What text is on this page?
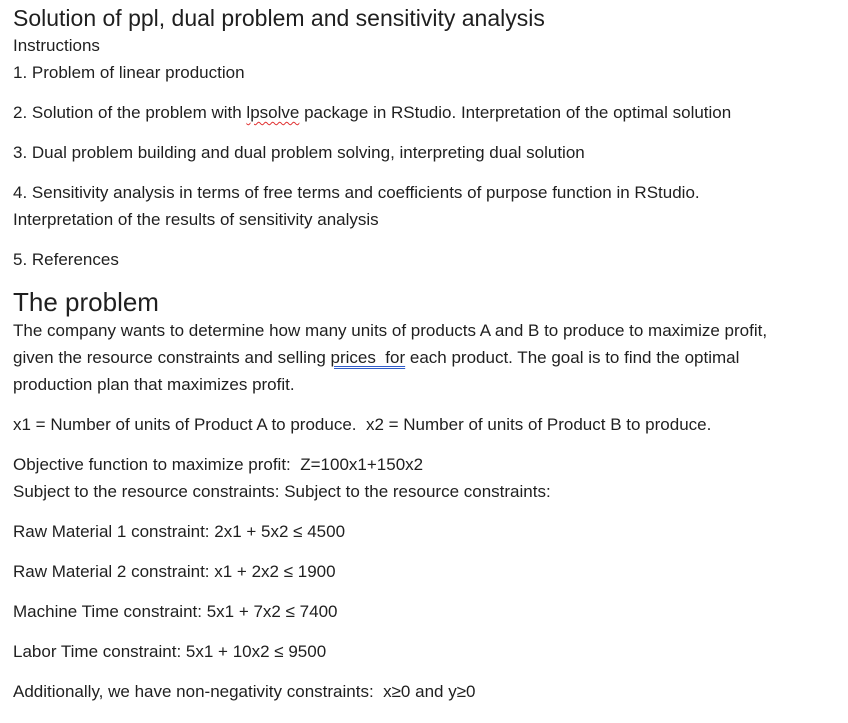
Solution of ppl, dual problem and sensitivity analysis

Instructions

1. Problem of linear production

2. Solution of the problem with lpsolve package in RStudio. Interpretation of the optimal solution

3. Dual problem building and dual problem solving, interpreting dual solution

4. Sensitivity analysis in terms of free terms and coefficients of purpose function in RStudio.

Interpretation of the results of sensitivity analysis

5. References

The problem

The company wants to determine how many units of products A and B to produce to maximize profit,

given the resource constraints and selling prices  for each product. The goal is to find the optimal

production plan that maximizes profit.

x1 = Number of units of Product A to produce.  x2 = Number of units of Product B to produce.

Objective function to maximize profit:  Z=100x1+150x2

Subject to the resource constraints: Subject to the resource constraints:

Raw Material 1 constraint: 2x1 + 5x2 ≤ 4500

Raw Material 2 constraint: x1 + 2x2 ≤ 1900

Machine Time constraint: 5x1 + 7x2 ≤ 7400

Labor Time constraint: 5x1 + 10x2 ≤ 9500

Additionally, we have non-negativity constraints:  x≥0 and y≥0
